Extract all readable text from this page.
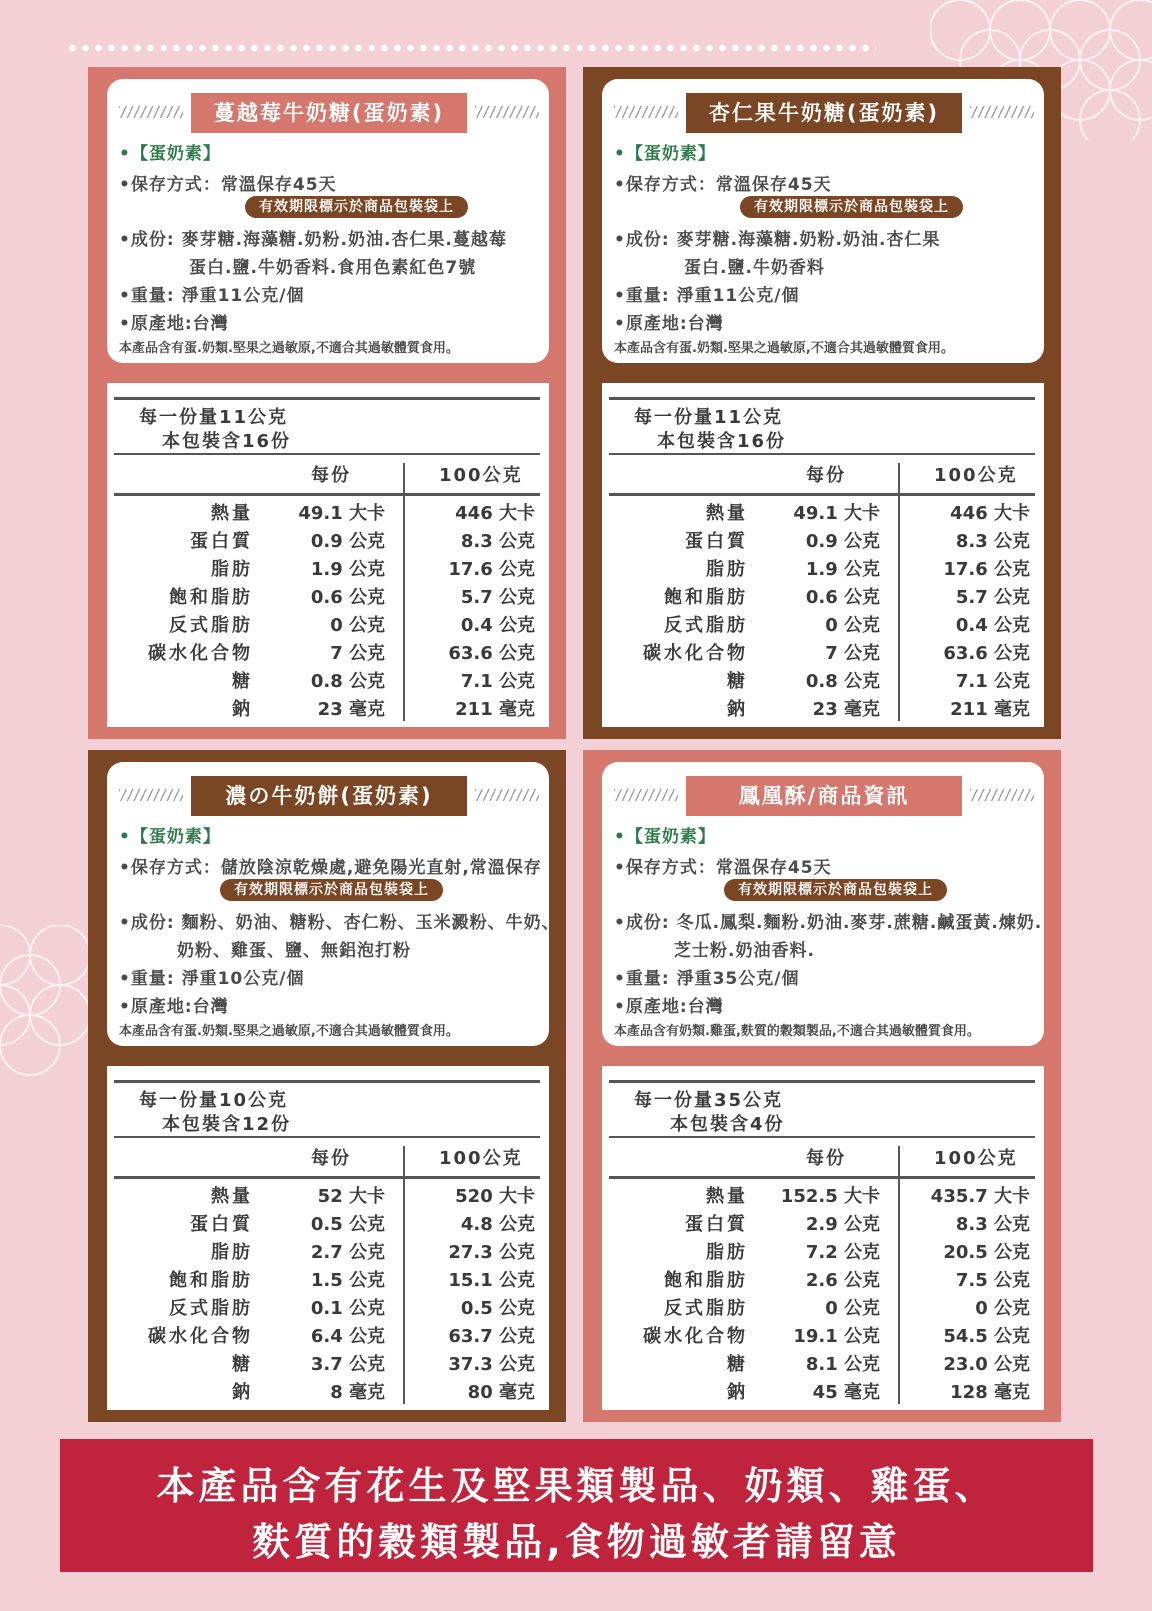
蔓越莓牛奶糖(蛋奶素)
•【蛋奶素】
•保存方式：常溫保存45天
有效期限標示於商品包裝袋上
•成份: 麥芽糖.海藻糖.奶粉.奶油.杏仁果.蔓越莓
蛋白.鹽.牛奶香料.食用色素紅色7號
•重量: 淨重11公克/個
•原產地:台灣
本產品含有蛋.奶類.堅果之過敏原,不適合其過敏體質食用。
每一份量11公克
本包裝含16份
每份	100公克
熱量	49.1 大卡	446 大卡
蛋白質	0.9 公克	8.3 公克
脂肪	1.9 公克	17.6 公克
飽和脂肪	0.6 公克	5.7 公克
反式脂肪	0 公克	0.4 公克
碳水化合物	7 公克	63.6 公克
糖	0.8 公克	7.1 公克
鈉	23 毫克	211 毫克
杏仁果牛奶糖(蛋奶素)
•【蛋奶素】
•保存方式：常溫保存45天
有效期限標示於商品包裝袋上
•成份: 麥芽糖.海藻糖.奶粉.奶油.杏仁果
蛋白.鹽.牛奶香料
•重量: 淨重11公克/個
•原產地:台灣
本產品含有蛋.奶類.堅果之過敏原,不適合其過敏體質食用。
每一份量11公克
本包裝含16份
每份	100公克
熱量	49.1 大卡	446 大卡
蛋白質	0.9 公克	8.3 公克
脂肪	1.9 公克	17.6 公克
飽和脂肪	0.6 公克	5.7 公克
反式脂肪	0 公克	0.4 公克
碳水化合物	7 公克	63.6 公克
糖	0.8 公克	7.1 公克
鈉	23 毫克	211 毫克
濃の牛奶餅(蛋奶素)
•【蛋奶素】
•保存方式：儲放陰涼乾燥處,避免陽光直射,常溫保存
有效期限標示於商品包裝袋上
•成份: 麵粉、奶油、糖粉、杏仁粉、玉米澱粉、牛奶、
奶粉、雞蛋、鹽、無鋁泡打粉
•重量: 淨重10公克/個
•原產地:台灣
本產品含有蛋.奶類.堅果之過敏原,不適合其過敏體質食用。
每一份量10公克
本包裝含12份
每份	100公克
熱量	52 大卡	520 大卡
蛋白質	0.5 公克	4.8 公克
脂肪	2.7 公克	27.3 公克
飽和脂肪	1.5 公克	15.1 公克
反式脂肪	0.1 公克	0.5 公克
碳水化合物	6.4 公克	63.7 公克
糖	3.7 公克	37.3 公克
鈉	8 毫克	80 毫克
鳳凰酥/商品資訊
•【蛋奶素】
•保存方式：常溫保存45天
有效期限標示於商品包裝袋上
•成份: 冬瓜.鳳梨.麵粉.奶油.麥芽.蔗糖.鹹蛋黃.煉奶.
芝士粉.奶油香料.
•重量: 淨重35公克/個
•原產地:台灣
本產品含有奶類.雞蛋,麩質的穀類製品,不適合其過敏體質食用。
每一份量35公克
本包裝含4份
每份	100公克
熱量 152.5 大卡	435.7 大卡
蛋白質	2.9 公克	8.3 公克
脂肪	7.2 公克	20.5 公克
飽和脂肪	2.6 公克	7.5 公克
反式脂肪	0 公克	0 公克
碳水化合物	19.1 公克	54.5 公克
糖	8.1 公克	23.0 公克
鈉	45 毫克	128 毫克
本產品含有花生及堅果類製品、奶類、雞蛋、
麩質的穀類製品,食物過敏者請留意
